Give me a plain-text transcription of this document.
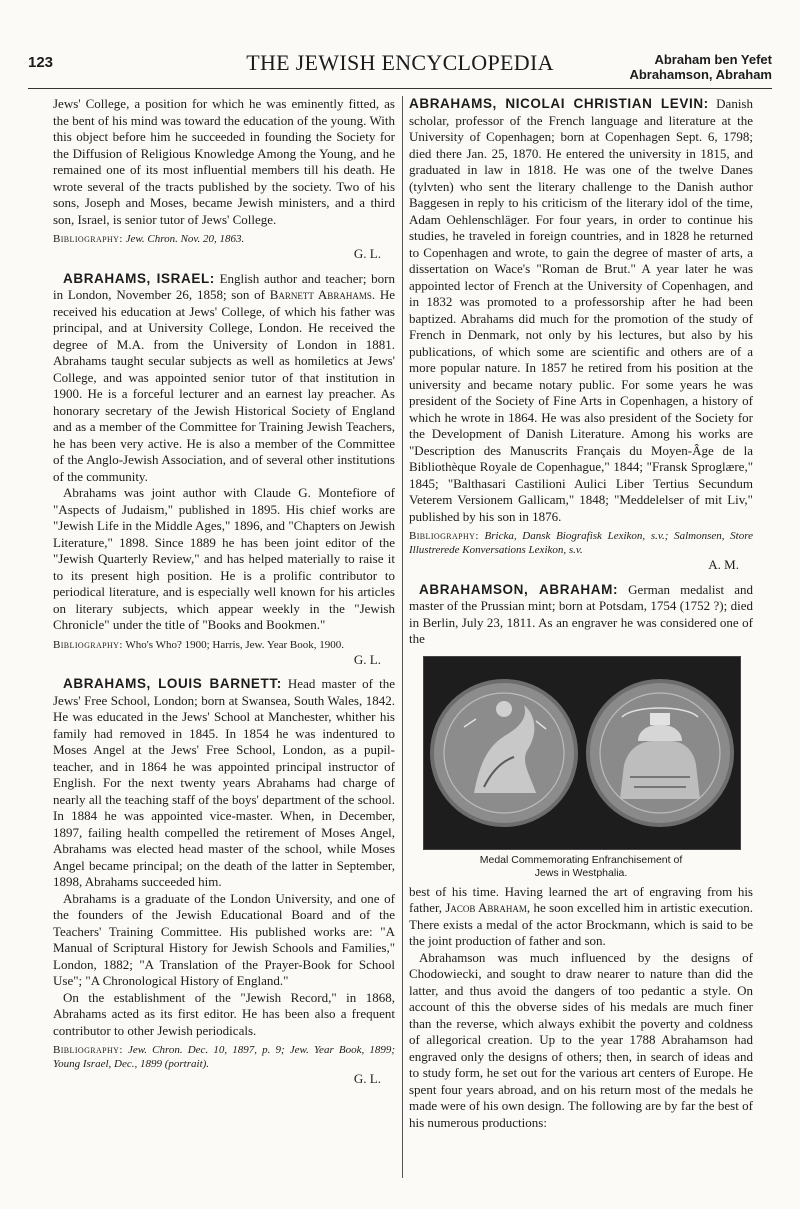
123	THE JEWISH ENCYCLOPEDIA	Abraham ben Yefet
Abrahamson, Abraham

Jews' College, a position for which he was eminently fitted, as the bent of his mind was toward the education of the young. With this object before him he succeeded in founding the Society for the Diffusion of Religious Knowledge Among the Young, and he remained one of its most influential members till his death. He wrote several of the tracts published by the society. Two of his sons, Joseph and Moses, became Jewish ministers, and a third son, Israel, is senior tutor of Jews' College.

Bibliography: Jew. Chron. Nov. 20, 1863.

G. L.

ABRAHAMS, ISRAEL: English author and teacher; born in London, November 26, 1858; son of Barnett Abrahams. He received his education at Jews' College, of which his father was principal, and at University College, London. He received the degree of M.A. from the University of London in 1881. Abrahams taught secular subjects as well as homiletics at Jews' College, and was appointed senior tutor of that institution in 1900. He is a forceful lecturer and an earnest lay preacher. As honorary secretary of the Jewish Historical Society of England and as a member of the Committee for Training Jewish Teachers, he has been very active. He is also a member of the Committee of the Anglo-Jewish Association, and of several other institutions of the community.

Abrahams was joint author with Claude G. Montefiore of "Aspects of Judaism," published in 1895. His chief works are "Jewish Life in the Middle Ages," 1896, and "Chapters on Jewish Literature," 1898. Since 1889 he has been joint editor of the "Jewish Quarterly Review," and has helped materially to raise it to its present high position. He is a prolific contributor to periodical literature, and is especially well known for his articles on literary subjects, which appear weekly in the "Jewish Chronicle" under the title of "Books and Bookmen."

Bibliography: Who's Who? 1900; Harris, Jew. Year Book, 1900.

G. L.

ABRAHAMS, LOUIS BARNETT: Head master of the Jews' Free School, London; born at Swansea, South Wales, 1842. He was educated in the Jews' School at Manchester, whither his family had removed in 1845. In 1854 he was indentured to Moses Angel at the Jews' Free School, London, as a pupil-teacher, and in 1864 he was appointed principal instructor of English. For the next twenty years Abrahams had charge of nearly all the teaching staff of the boys' department of the school. In 1884 he was appointed vice-master. When, in December, 1897, failing health compelled the retirement of Moses Angel, Abrahams was elected head master of the school, while Moses Angel became principal; on the death of the latter in September, 1898, Abrahams succeeded him.

Abrahams is a graduate of the London University, and one of the founders of the Jewish Educational Board and of the Teachers' Training Committee. His published works are: "A Manual of Scriptural History for Jewish Schools and Families," London, 1882; "A Translation of the Prayer-Book for School Use"; "A Chronological History of England."

On the establishment of the "Jewish Record," in 1868, Abrahams acted as its first editor. He has been also a frequent contributor to other Jewish periodicals.

Bibliography: Jew. Chron. Dec. 10, 1897, p. 9; Jew. Year Book, 1899; Young Israel, Dec., 1899 (portrait).

G. L.

ABRAHAMS, NICOLAI CHRISTIAN LEVIN: Danish scholar, professor of the French language and literature at the University of Copenhagen; born at Copenhagen Sept. 6, 1798; died there Jan. 25, 1870. He entered the university in 1815, and graduated in law in 1818. He was one of the twelve Danes (tylvten) who sent the literary challenge to the Danish author Baggesen in reply to his criticism of the literary idol of the time, Adam Oehlenschläger. For four years, in order to continue his studies, he traveled in foreign countries, and in 1828 he returned to Copenhagen and wrote, to gain the degree of master of arts, a dissertation on Wace's "Roman de Brut." A year later he was appointed lector of French at the University of Copenhagen, and in 1832 was promoted to a professorship after he had been baptized. Abrahams did much for the promotion of the study of French in Denmark, not only by his lectures, but also by his publications, of which some are scientific and others are of a more popular nature. In 1857 he retired from his position at the university and became notary public. For some years he was president of the Society of Fine Arts in Copenhagen, a history of which he wrote in 1864. He was also president of the Society for the Development of Danish Literature. Among his works are "Description des Manuscrits Français du Moyen-Âge de la Bibliothèque Royale de Copenhague," 1844; "Fransk Sproglære," 1845; "Balthasari Castilioni Aulici Liber Tertius Secundum Veterem Versionem Gallicam," 1848; "Meddelelser of mit Liv," published by his son in 1876.

Bibliography: Bricka, Dansk Biografisk Lexikon, s.v.; Salmonsen, Store Illustrerede Konversations Lexikon, s.v.

A. M.

ABRAHAMSON, ABRAHAM: German medalist and master of the Prussian mint; born at Potsdam, 1754 (1752 ?); died in Berlin, July 23, 1811. As an engraver he was considered one of the

Medal Commemorating Enfranchisement of
Jews in Westphalia.

best of his time. Having learned the art of engraving from his father, Jacob Abraham, he soon excelled him in artistic execution. There exists a medal of the actor Brockmann, which is said to be the joint production of father and son.

Abrahamson was much influenced by the designs of Chodowiecki, and sought to draw nearer to nature than did the latter, and thus avoid the dangers of too pedantic a style. On account of this the obverse sides of his medals are much finer than the reverse, which always exhibit the poverty and coldness of allegorical creation. Up to the year 1788 Abrahamson had engraved only the designs of others; then, in search of ideas and to study form, he set out for the various art centers of Europe. He spent four years abroad, and on his return most of the medals he made were of his own design. The following are by far the best of his numerous productions:
